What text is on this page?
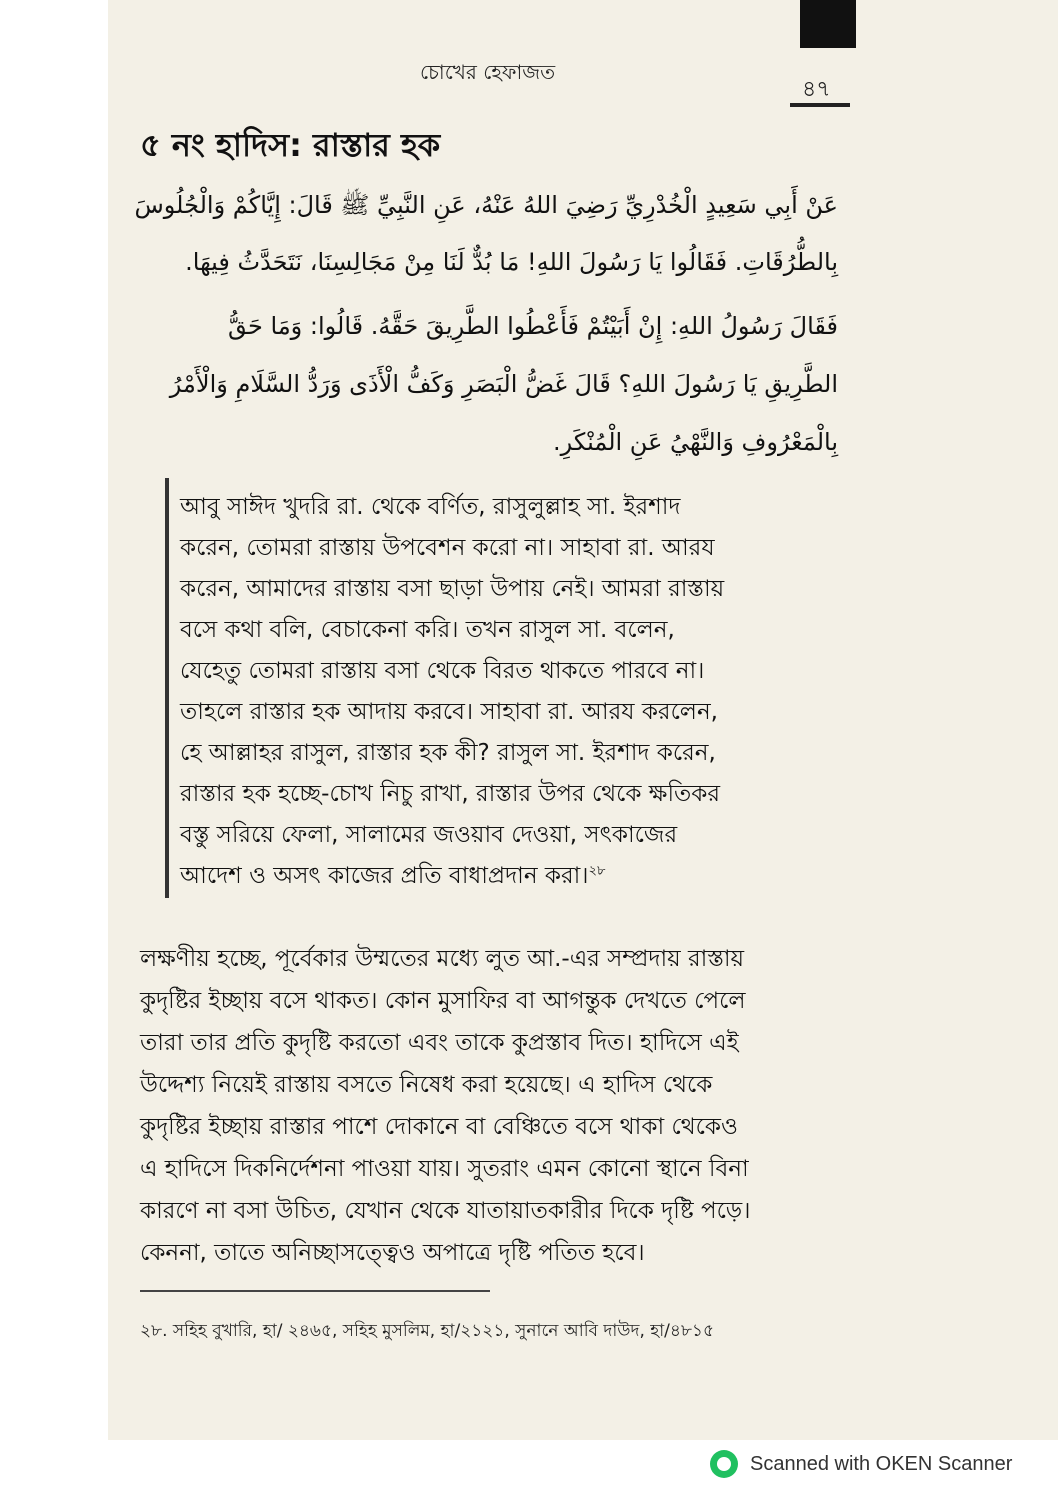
চোখের হেফাজত
৪৭
৫ নং হাদিস: রাস্তার হক
عَنْ أَبِي سَعِيدٍ الْخُدْرِيِّ رَضِيَ اللهُ عَنْهُ، عَنِ النَّبِيِّ ﷺ قَالَ: إِيَّاكُمْ وَالْجُلُوسَ
بِالطُّرُقَاتِ. فَقَالُوا يَا رَسُولَ اللهِ! مَا بُدٌّ لَنَا مِنْ مَجَالِسِنَا، نَتَحَدَّثُ فِيهَا.
فَقَالَ رَسُولُ اللهِ: إِنْ أَبَيْتُمْ فَأَعْطُوا الطَّرِيقَ حَقَّهُ. قَالُوا: وَمَا حَقُّ
الطَّرِيقِ يَا رَسُولَ اللهِ؟ قَالَ غَضُّ الْبَصَرِ وَكَفُّ الْأَذَى وَرَدُّ السَّلَامِ وَالْأَمْرُ
بِالْمَعْرُوفِ وَالنَّهْيُ عَنِ الْمُنْكَرِ.
আবু সাঈদ খুদরি রা. থেকে বর্ণিত, রাসুলুল্লাহ সা. ইরশাদ
করেন, তোমরা রাস্তায় উপবেশন করো না। সাহাবা রা. আরয
করেন, আমাদের রাস্তায় বসা ছাড়া উপায় নেই। আমরা রাস্তায়
বসে কথা বলি, বেচাকেনা করি। তখন রাসুল সা. বলেন,
যেহেতু তোমরা রাস্তায় বসা থেকে বিরত থাকতে পারবে না।
তাহলে রাস্তার হক আদায় করবে। সাহাবা রা. আরয করলেন,
হে আল্লাহর রাসুল, রাস্তার হক কী? রাসুল সা. ইরশাদ করেন,
রাস্তার হক হচ্ছে-চোখ নিচু রাখা, রাস্তার উপর থেকে ক্ষতিকর
বস্তু সরিয়ে ফেলা, সালামের জওয়াব দেওয়া, সৎকাজের
আদেশ ও অসৎ কাজের প্রতি বাধাপ্রদান করা।$^{২৮}$
লক্ষণীয় হচ্ছে, পূর্বেকার উম্মতের মধ্যে লুত আ.-এর সম্প্রদায় রাস্তায়
কুদৃষ্টির ইচ্ছায় বসে থাকত। কোন মুসাফির বা আগন্তুক দেখতে পেলে
তারা তার প্রতি কুদৃষ্টি করতো এবং তাকে কুপ্রস্তাব দিত। হাদিসে এই
উদ্দেশ্য নিয়েই রাস্তায় বসতে নিষেধ করা হয়েছে। এ হাদিস থেকে
কুদৃষ্টির ইচ্ছায় রাস্তার পাশে দোকানে বা বেঞ্চিতে বসে থাকা থেকেও
এ হাদিসে দিকনির্দেশনা পাওয়া যায়। সুতরাং এমন কোনো স্থানে বিনা
কারণে না বসা উচিত, যেখান থেকে যাতায়াতকারীর দিকে দৃষ্টি পড়ে।
কেননা, তাতে অনিচ্ছাসত্ত্বেও অপাত্রে দৃষ্টি পতিত হবে।
২৮. সহিহ বুখারি, হা/ ২৪৬৫, সহিহ মুসলিম, হা/২১২১, সুনানে আবি দাউদ, হা/৪৮১৫
Scanned with OKEN Scanner
